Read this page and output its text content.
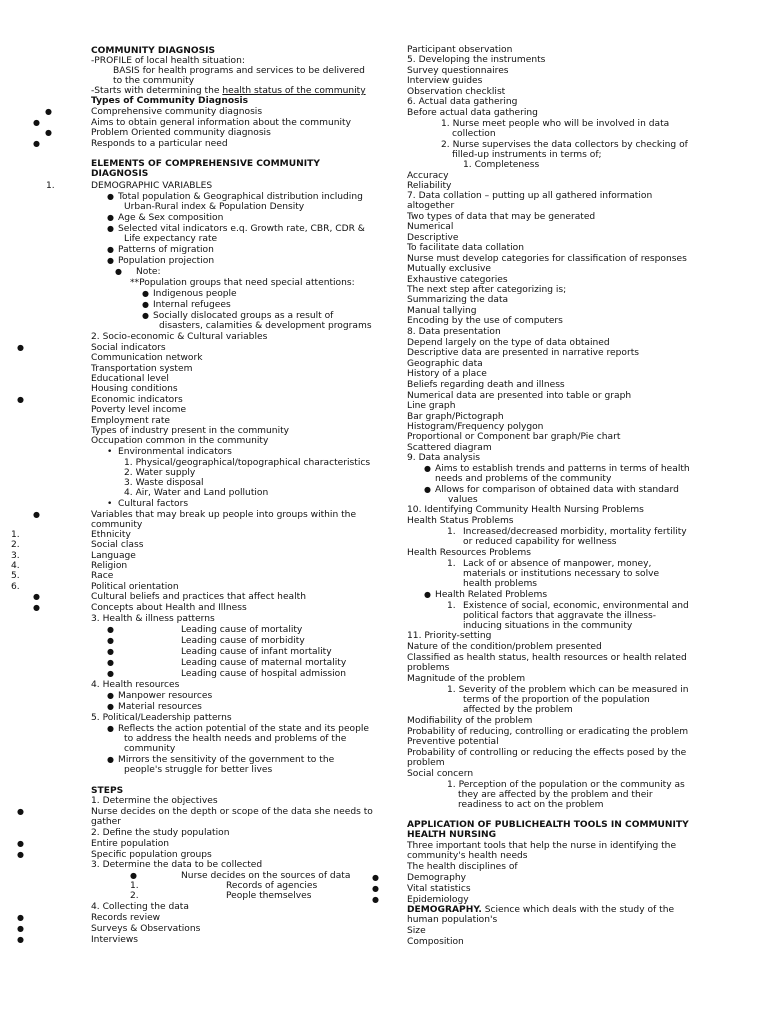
COMMUNITY DIAGNOSIS
-PROFILE of local health situation:
BASIS for health programs and services to be delivered
to the community
-Starts with determining the health status of the community
Types of Community Diagnosis
●	Comprehensive community diagnosis
●	Aims to obtain general information about the community
●	Problem Oriented community diagnosis
●	Responds to a particular need
ELEMENTS OF COMPREHENSIVE COMMUNITY
DIAGNOSIS
1.	DEMOGRAPHIC VARIABLES
● Total population & Geographical distribution including
Urban-Rural index & Population Density
● Age & Sex composition
● Selected vital indicators e.q. Growth rate, CBR, CDR &
Life expectancy rate
● Patterns of migration
● Population projection
● Note:
**Population groups that need special attentions:
● Indigenous people
● Internal refugees
● Socially dislocated groups as a result of
disasters, calamities & development programs
2. Socio-economic & Cultural variables
●	Social indicators
Communication network
Transportation system
Educational level
Housing conditions
●	Economic indicators
Poverty level income
Employment rate
Types of industry present in the community
Occupation common in the community
• Environmental indicators
1. Physical/geographical/topographical characteristics
2. Water supply
3. Waste disposal
4. Air, Water and Land pollution
• Cultural factors
●	Variables that may break up people into groups within the
community
1.	Ethnicity
2.	Social class
3.	Language
4.	Religion
5.	Race
6.	Political orientation
●	Cultural beliefs and practices that affect health
●	Concepts about Health and Illness
3. Health & illness patterns
●	Leading cause of mortality
●	Leading cause of morbidity
●	Leading cause of infant mortality
●	Leading cause of maternal mortality
●	Leading cause of hospital admission
4. Health resources
● Manpower resources
● Material resources
5. Political/Leadership patterns
● Reflects the action potential of the state and its people
to address the health needs and problems of the
community
● Mirrors the sensitivity of the government to the
people's struggle for better lives
STEPS
1. Determine the objectives
●	Nurse decides on the depth or scope of the data she needs to
gather
2. Define the study population
●	Entire population
●	Specific population groups
3. Determine the data to be collected
●	Nurse decides on the sources of data
1.	Records of agencies
2.	People themselves
4. Collecting the data
●	Records review
●	Surveys & Observations
●	Interviews
Participant observation
5. Developing the instruments
Survey questionnaires
Interview guides
Observation checklist
6. Actual data gathering
Before actual data gathering
1. Nurse meet people who will be involved in data
collection
2. Nurse supervises the data collectors by checking of
filled-up instruments in terms of;
1. Completeness
Accuracy
Reliability
7. Data collation – putting up all gathered information
altogether
Two types of data that may be generated
Numerical
Descriptive
To facilitate data collation
Nurse must develop categories for classification of responses
Mutually exclusive
Exhaustive categories
The next step after categorizing is;
Summarizing the data
Manual tallying
Encoding by the use of computers
8. Data presentation
Depend largely on the type of data obtained
Descriptive data are presented in narrative reports
Geographic data
History of a place
Beliefs regarding death and illness
Numerical data are presented into table or graph
Line graph
Bar graph/Pictograph
Histogram/Frequency polygon
Proportional or Component bar graph/Pie chart
Scattered diagram
9. Data analysis
● Aims to establish trends and patterns in terms of health
needs and problems of the community
● Allows for comparison of obtained data with standard
values
10. Identifying Community Health Nursing Problems
Health Status Problems
1. Increased/decreased morbidity, mortality fertility
or reduced capability for wellness
Health Resources Problems
1. Lack of or absence of manpower, money,
materials or institutions necessary to solve
health problems
● Health Related Problems
1. Existence of social, economic, environmental and
political factors that aggravate the illness-
inducing situations in the community
11. Priority-setting
Nature of the condition/problem presented
Classified as health status, health resources or health related
problems
Magnitude of the problem
1. Severity of the problem which can be measured in
terms of the proportion of the population
affected by the problem
Modifiability of the problem
Probability of reducing, controlling or eradicating the problem
Preventive potential
Probability of controlling or reducing the effects posed by the
problem
Social concern
1. Perception of the population or the community as
they are affected by the problem and their
readiness to act on the problem
APPLICATION OF PUBLICHEALTH TOOLS IN COMMUNITY
HEALTH NURSING
Three important tools that help the nurse in identifying the
community's health needs
The health disciplines of
●	Demography
●	Vital statistics
●	Epidemiology
DEMOGRAPHY. Science which deals with the study of the
human population's
Size
Composition
